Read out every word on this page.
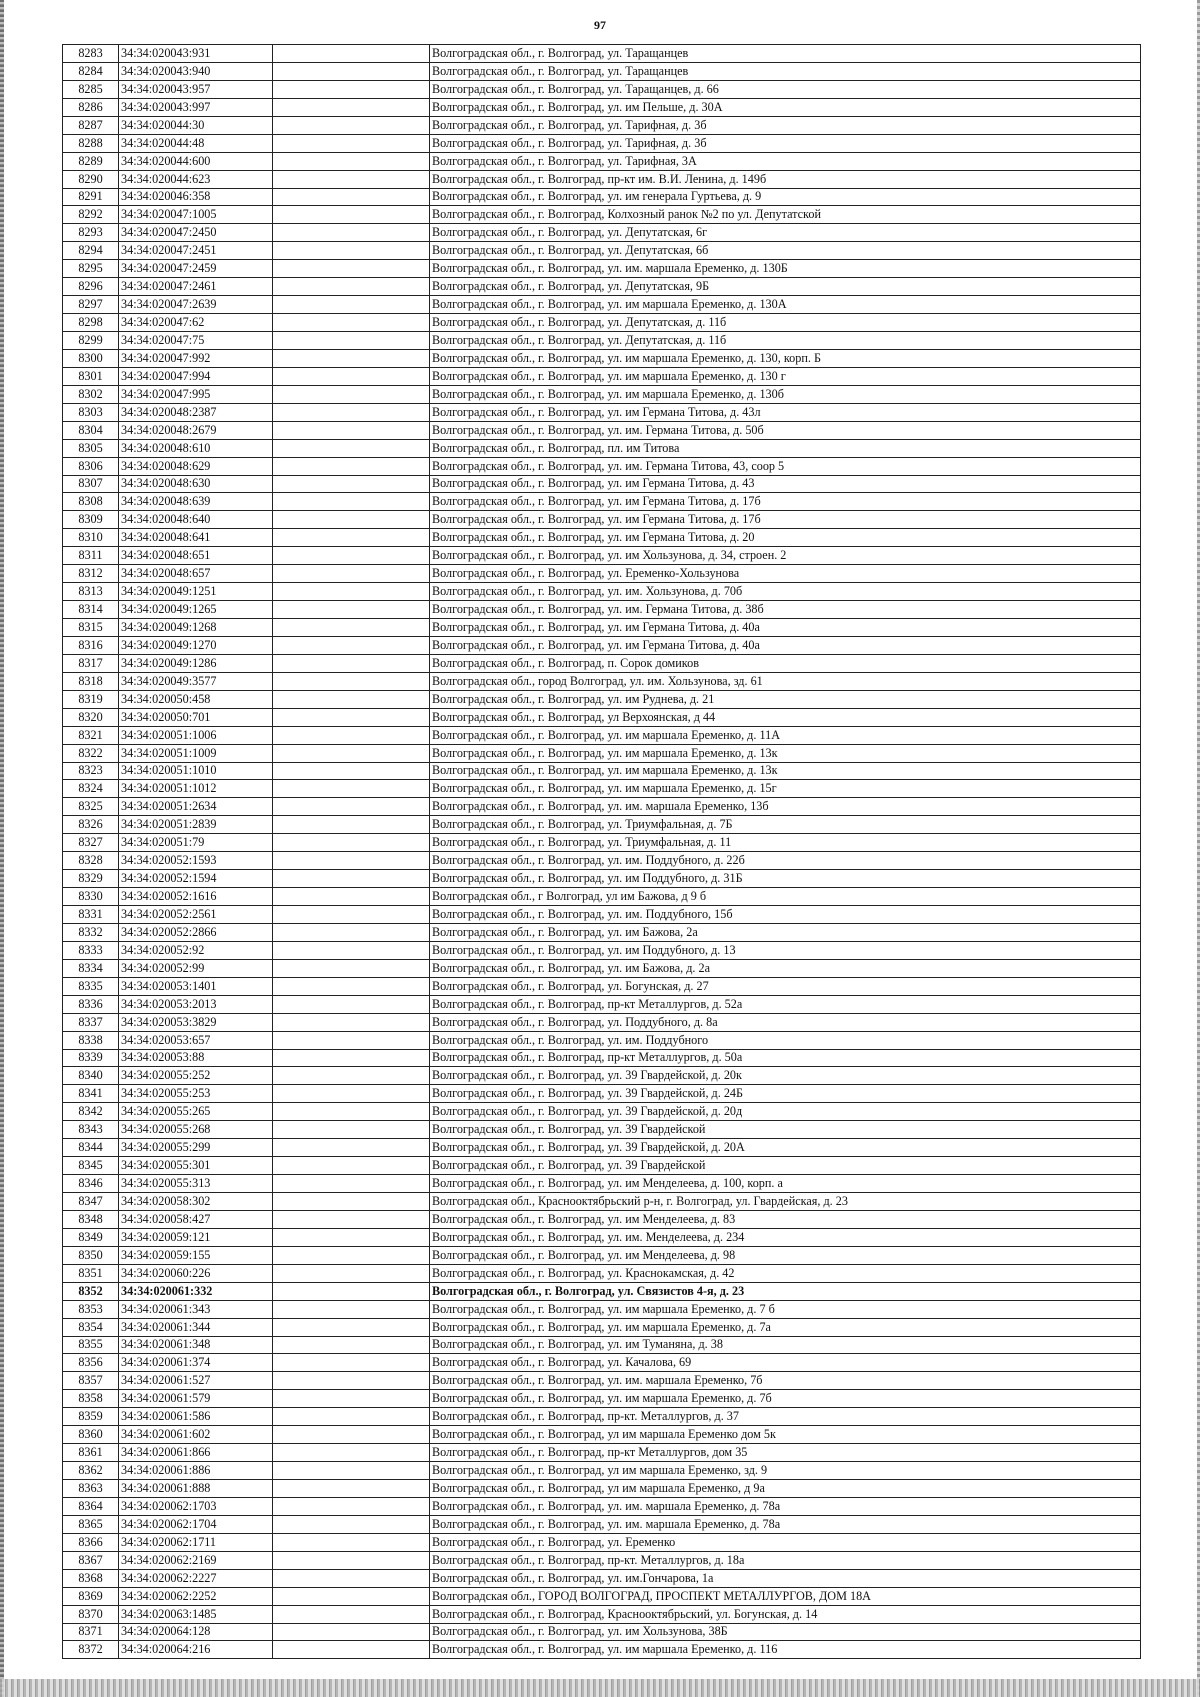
97
8283	34:34:020043:931		Волгоградская обл., г. Волгоград, ул. Таращанцев
8284	34:34:020043:940		Волгоградская обл., г. Волгоград, ул. Таращанцев
8285	34:34:020043:957		Волгоградская обл., г. Волгоград, ул. Таращанцев, д. 66
8286	34:34:020043:997		Волгоградская обл., г. Волгоград, ул. им Пельше, д. 30А
8287	34:34:020044:30		Волгоградская обл., г. Волгоград, ул. Тарифная, д. 3б
8288	34:34:020044:48		Волгоградская обл., г. Волгоград, ул. Тарифная, д. 3б
8289	34:34:020044:600		Волгоградская обл., г. Волгоград, ул. Тарифная, 3А
8290	34:34:020044:623		Волгоградская обл., г. Волгоград, пр-кт им. В.И. Ленина, д. 149б
8291	34:34:020046:358		Волгоградская обл., г. Волгоград, ул. им генерала Гуртьева, д. 9
8292	34:34:020047:1005		Волгоградская обл., г. Волгоград, Колхозный ранок №2 по ул. Депутатской
8293	34:34:020047:2450		Волгоградская обл., г. Волгоград, ул. Депутатская, 6г
8294	34:34:020047:2451		Волгоградская обл., г. Волгоград, ул. Депутатская, 6б
8295	34:34:020047:2459		Волгоградская обл., г. Волгоград, ул. им. маршала Еременко, д. 130Б
8296	34:34:020047:2461		Волгоградская обл., г. Волгоград, ул. Депутатская, 9Б
8297	34:34:020047:2639		Волгоградская обл., г. Волгоград, ул. им маршала Еременко, д. 130А
8298	34:34:020047:62		Волгоградская обл., г. Волгоград, ул. Депутатская, д. 11б
8299	34:34:020047:75		Волгоградская обл., г. Волгоград, ул. Депутатская, д. 11б
8300	34:34:020047:992		Волгоградская обл., г. Волгоград, ул. им маршала Еременко, д. 130, корп. Б
8301	34:34:020047:994		Волгоградская обл., г. Волгоград, ул. им маршала Еременко, д. 130 г
8302	34:34:020047:995		Волгоградская обл., г. Волгоград, ул. им маршала Еременко, д. 130б
8303	34:34:020048:2387		Волгоградская обл., г. Волгоград, ул. им Германа Титова, д. 43л
8304	34:34:020048:2679		Волгоградская обл., г. Волгоград, ул. им. Германа Титова, д. 50б
8305	34:34:020048:610		Волгоградская обл., г. Волгоград, пл. им Титова
8306	34:34:020048:629		Волгоградская обл., г. Волгоград, ул. им. Германа Титова, 43, соор 5
8307	34:34:020048:630		Волгоградская обл., г. Волгоград, ул. им Германа Титова, д. 43
8308	34:34:020048:639		Волгоградская обл., г. Волгоград, ул. им Германа Титова, д. 17б
8309	34:34:020048:640		Волгоградская обл., г. Волгоград, ул. им Германа Титова, д. 17б
8310	34:34:020048:641		Волгоградская обл., г. Волгоград, ул. им Германа Титова, д. 20
8311	34:34:020048:651		Волгоградская обл., г. Волгоград, ул. им Хользунова, д. 34, строен. 2
8312	34:34:020048:657		Волгоградская обл., г. Волгоград, ул. Еременко-Хользунова
8313	34:34:020049:1251		Волгоградская обл., г. Волгоград, ул. им. Хользунова, д. 70б
8314	34:34:020049:1265		Волгоградская обл., г. Волгоград, ул. им. Германа Титова, д. 38б
8315	34:34:020049:1268		Волгоградская обл., г. Волгоград, ул. им Германа Титова, д. 40а
8316	34:34:020049:1270		Волгоградская обл., г. Волгоград, ул. им Германа Титова, д. 40а
8317	34:34:020049:1286		Волгоградская обл., г. Волгоград, п. Сорок домиков
8318	34:34:020049:3577		Волгоградская обл., город Волгоград, ул. им. Хользунова, зд. 61
8319	34:34:020050:458		Волгоградская обл., г. Волгоград, ул. им Руднева, д. 21
8320	34:34:020050:701		Волгоградская обл., г. Волгоград, ул Верхоянская, д 44
8321	34:34:020051:1006		Волгоградская обл., г. Волгоград, ул. им маршала Еременко, д. 11А
8322	34:34:020051:1009		Волгоградская обл., г. Волгоград, ул. им маршала Еременко, д. 13к
8323	34:34:020051:1010		Волгоградская обл., г. Волгоград, ул. им маршала Еременко, д. 13к
8324	34:34:020051:1012		Волгоградская обл., г. Волгоград, ул. им маршала Еременко, д. 15г
8325	34:34:020051:2634		Волгоградская обл., г. Волгоград, ул. им. маршала Еременко, 13б
8326	34:34:020051:2839		Волгоградская обл., г. Волгоград, ул. Триумфальная, д. 7Б
8327	34:34:020051:79		Волгоградская обл., г. Волгоград, ул. Триумфальная, д. 11
8328	34:34:020052:1593		Волгоградская обл., г. Волгоград, ул. им. Поддубного, д. 22б
8329	34:34:020052:1594		Волгоградская обл., г. Волгоград, ул. им Поддубного, д. 31Б
8330	34:34:020052:1616		Волгоградская обл., г Волгоград, ул им Бажова, д 9 б
8331	34:34:020052:2561		Волгоградская обл., г. Волгоград, ул. им. Поддубного, 15б
8332	34:34:020052:2866		Волгоградская обл., г. Волгоград, ул. им Бажова, 2а
8333	34:34:020052:92		Волгоградская обл., г. Волгоград, ул. им Поддубного, д. 13
8334	34:34:020052:99		Волгоградская обл., г. Волгоград, ул. им Бажова, д. 2а
8335	34:34:020053:1401		Волгоградская обл., г. Волгоград, ул. Богунская, д. 27
8336	34:34:020053:2013		Волгоградская обл., г. Волгоград, пр-кт Металлургов, д. 52а
8337	34:34:020053:3829		Волгоградская обл., г. Волгоград, ул. Поддубного, д. 8а
8338	34:34:020053:657		Волгоградская обл., г. Волгоград, ул. им. Поддубного
8339	34:34:020053:88		Волгоградская обл., г. Волгоград, пр-кт Металлургов, д. 50а
8340	34:34:020055:252		Волгоградская обл., г. Волгоград, ул. 39 Гвардейской, д. 20к
8341	34:34:020055:253		Волгоградская обл., г. Волгоград, ул. 39 Гвардейской, д. 24Б
8342	34:34:020055:265		Волгоградская обл., г. Волгоград, ул. 39 Гвардейской, д. 20д
8343	34:34:020055:268		Волгоградская обл., г. Волгоград, ул. 39 Гвардейской
8344	34:34:020055:299		Волгоградская обл., г. Волгоград, ул. 39 Гвардейской, д. 20А
8345	34:34:020055:301		Волгоградская обл., г. Волгоград, ул. 39 Гвардейской
8346	34:34:020055:313		Волгоградская обл., г. Волгоград, ул. им Менделеева, д. 100, корп. а
8347	34:34:020058:302		Волгоградская обл., Краснооктябрьский р-н, г. Волгоград, ул. Гвардейская, д. 23
8348	34:34:020058:427		Волгоградская обл., г. Волгоград, ул. им Менделеева, д. 83
8349	34:34:020059:121		Волгоградская обл., г. Волгоград, ул. им. Менделеева, д. 234
8350	34:34:020059:155		Волгоградская обл., г. Волгоград, ул. им Менделеева, д. 98
8351	34:34:020060:226		Волгоградская обл., г. Волгоград, ул. Краснокамская, д. 42
8352	34:34:020061:332		Волгоградская обл., г. Волгоград, ул. Связистов 4-я, д. 23
8353	34:34:020061:343		Волгоградская обл., г. Волгоград, ул. им маршала Еременко, д. 7 б
8354	34:34:020061:344		Волгоградская обл., г. Волгоград, ул. им маршала Еременко, д. 7а
8355	34:34:020061:348		Волгоградская обл., г. Волгоград, ул. им Туманяна, д. 38
8356	34:34:020061:374		Волгоградская обл., г. Волгоград, ул. Качалова, 69
8357	34:34:020061:527		Волгоградская обл., г. Волгоград, ул. им. маршала Еременко, 7б
8358	34:34:020061:579		Волгоградская обл., г. Волгоград, ул. им маршала Еременко, д. 7б
8359	34:34:020061:586		Волгоградская обл., г. Волгоград, пр-кт. Металлургов, д. 37
8360	34:34:020061:602		Волгоградская обл., г. Волгоград, ул им маршала Еременко дом 5к
8361	34:34:020061:866		Волгоградская обл., г. Волгоград, пр-кт Металлургов, дом 35
8362	34:34:020061:886		Волгоградская обл., г. Волгоград, ул им маршала Еременко, зд. 9
8363	34:34:020061:888		Волгоградская обл., г. Волгоград, ул им маршала Еременко, д 9а
8364	34:34:020062:1703		Волгоградская обл., г. Волгоград, ул. им. маршала Еременко, д. 78а
8365	34:34:020062:1704		Волгоградская обл., г. Волгоград, ул. им. маршала Еременко, д. 78а
8366	34:34:020062:1711		Волгоградская обл., г. Волгоград, ул. Еременко
8367	34:34:020062:2169		Волгоградская обл., г. Волгоград, пр-кт. Металлургов, д. 18а
8368	34:34:020062:2227		Волгоградская обл., г. Волгоград, ул. им.Гончарова, 1а
8369	34:34:020062:2252		Волгоградская обл., ГОРОД ВОЛГОГРАД, ПРОСПЕКТ МЕТАЛЛУРГОВ, ДОМ 18А
8370	34:34:020063:1485		Волгоградская обл., г. Волгоград, Краснооктябрьский, ул. Богунская, д. 14
8371	34:34:020064:128		Волгоградская обл., г. Волгоград, ул. им Хользунова, 38Б
8372	34:34:020064:216		Волгоградская обл., г. Волгоград, ул. им маршала Еременко, д. 116
